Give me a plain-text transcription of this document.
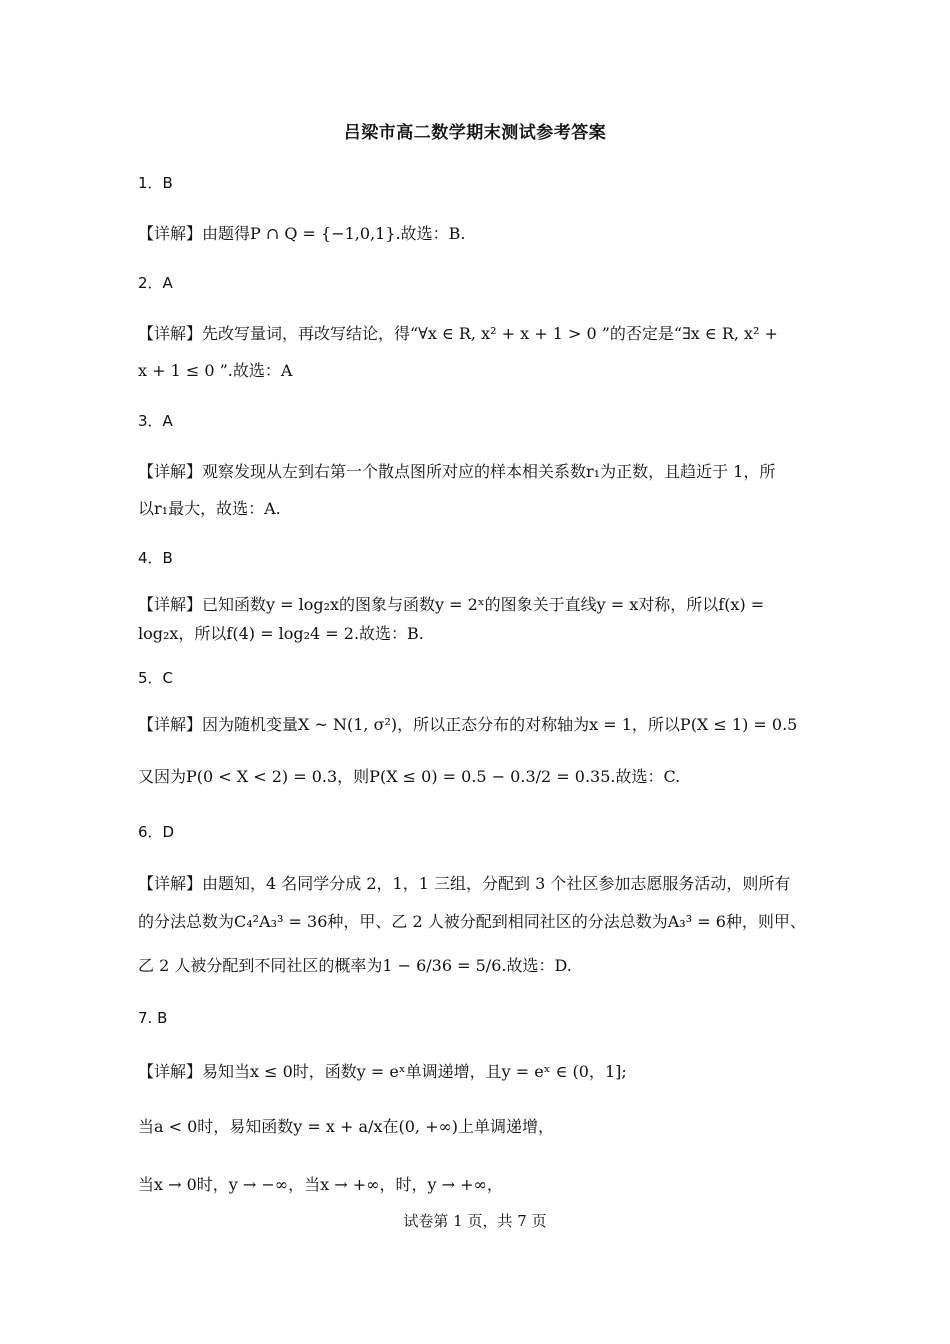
吕梁市高二数学期末测试参考答案
1．B
【详解】由题得P ∩ Q = {−1,0,1}.故选：B.
2．A
【详解】先改写量词，再改写结论，得“∀x ∈ R, x² + x + 1 > 0 ”的否定是“∃x ∈ R, x² +
x + 1 ≤ 0 ”.故选：A
3．A
【详解】观察发现从左到右第一个散点图所对应的样本相关系数r₁为正数，且趋近于 1，所
以r₁最大，故选：A.
4．B
【详解】已知函数y = log₂x的图象与函数y = 2ˣ的图象关于直线y = x对称，所以f(x) =
log₂x，所以f(4) = log₂4 = 2.故选：B.
5．C
【详解】因为随机变量X ~ N(1, σ²)，所以正态分布的对称轴为x = 1，所以P(X ≤ 1) = 0.5
又因为P(0 < X < 2) = 0.3，则P(X ≤ 0) = 0.5 − 0.3/2 = 0.35.故选：C.
6．D
【详解】由题知，4 名同学分成 2，1，1 三组，分配到 3 个社区参加志愿服务活动，则所有
的分法总数为C₄²A₃³ = 36种，甲、乙 2 人被分配到相同社区的分法总数为A₃³ = 6种，则甲、
乙 2 人被分配到不同社区的概率为1 − 6/36 = 5/6.故选：D.
7. B
【详解】易知当x ≤ 0时，函数y = eˣ单调递增，且y = eˣ ∈ (0，1];
当a < 0时，易知函数y = x + a/x在(0, +∞)上单调递增，
当x → 0时，y → −∞，当x → +∞，时，y → +∞，
试卷第 1 页，共 7 页
